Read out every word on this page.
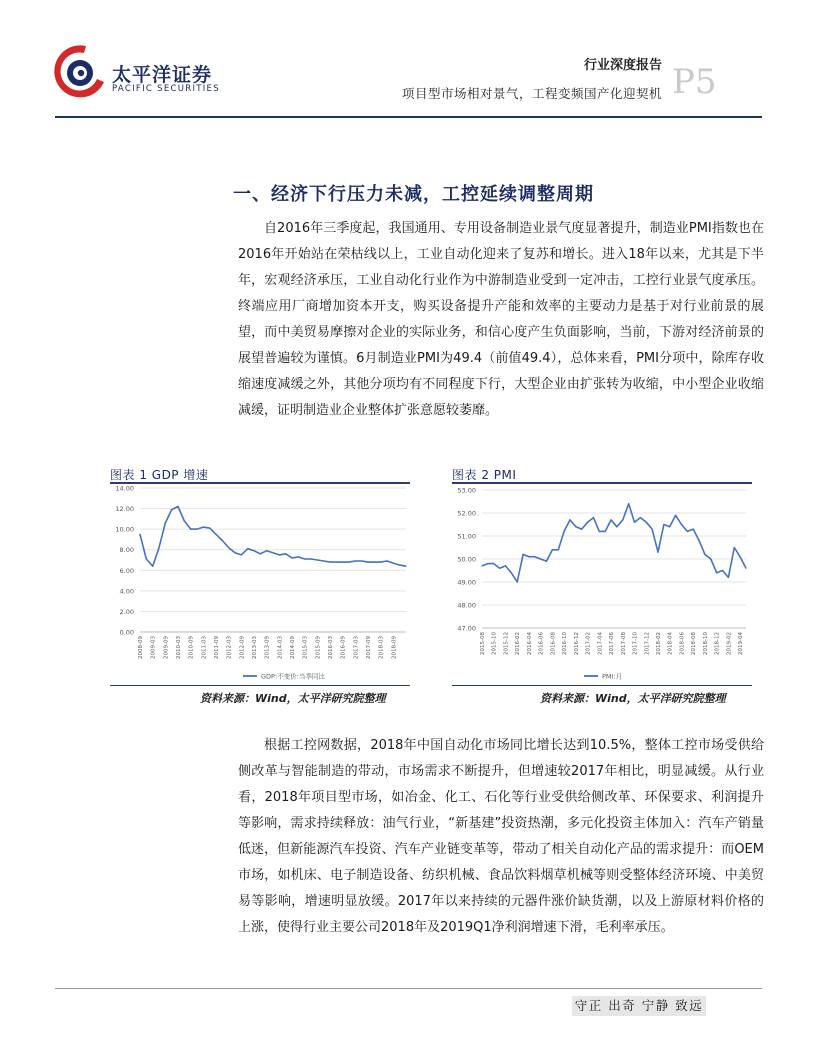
太平洋证券
PACIFIC SECURITIES
行业深度报告
项目型市场相对景气，工程变频国产化迎契机 P5
一、经济下行压力未减，工控延续调整周期
自2016年三季度起，我国通用、专用设备制造业景气度显著提升，制造业PMI指数也在2016年开始站在荣枯线以上，工业自动化迎来了复苏和增长。进入18年以来，尤其是下半年，宏观经济承压，工业自动化行业作为中游制造业受到一定冲击，工控行业景气度承压。终端应用厂商增加资本开支，购买设备提升产能和效率的主要动力是基于对行业前景的展望，而中美贸易摩擦对企业的实际业务，和信心度产生负面影响，当前，下游对经济前景的展望普遍较为谨慎。6月制造业PMI为49.4（前值49.4），总体来看，PMI分项中，除库存收缩速度减缓之外，其他分项均有不同程度下行，大型企业由扩张转为收缩，中小型企业收缩减缓，证明制造业企业整体扩张意愿较萎靡。
图表 1 GDP 增速
0.00
2.00
4.00
6.00
8.00
10.00
12.00
14.00
2008-09 2009-03 2009-09 2010-03 2010-09 2011-03 2011-09 2012-03 2012-09 2013-03 2013-09 2014-03 2014-09 2015-03 2015-09 2016-03 2016-09 2017-03 2017-09 2018-03 2018-09
GDP:不变价:当季同比
资料来源：Wind，太平洋研究院整理
图表 2 PMI
47.00
48.00
49.00
50.00
51.00
52.00
53.00
2015-08 2015-10 2015-12 2016-02 2016-04 2016-06 2016-08 2016-10 2016-12 2017-02 2017-04 2017-06 2017-08 2017-10 2017-12 2018-02 2018-04 2018-06 2018-08 2018-10 2018-12 2019-02 2019-04
PMI:月
资料来源：Wind，太平洋研究院整理
根据工控网数据，2018年中国自动化市场同比增长达到10.5%，整体工控市场受供给侧改革与智能制造的带动，市场需求不断提升，但增速较2017年相比，明显减缓。从行业看，2018年项目型市场，如冶金、化工、石化等行业受供给侧改革、环保要求、利润提升等影响，需求持续释放：油气行业，“新基建”投资热潮，多元化投资主体加入：汽车产销量低迷，但新能源汽车投资、汽车产业链变革等，带动了相关自动化产品的需求提升：而OEM市场，如机床、电子制造设备、纺织机械、食品饮料烟草机械等则受整体经济环境、中美贸易等影响，增速明显放缓。2017年以来持续的元器件涨价缺货潮，以及上游原材料价格的上涨，使得行业主要公司2018年及2019Q1净利润增速下滑，毛利率承压。
守正 出奇 宁静 致远
